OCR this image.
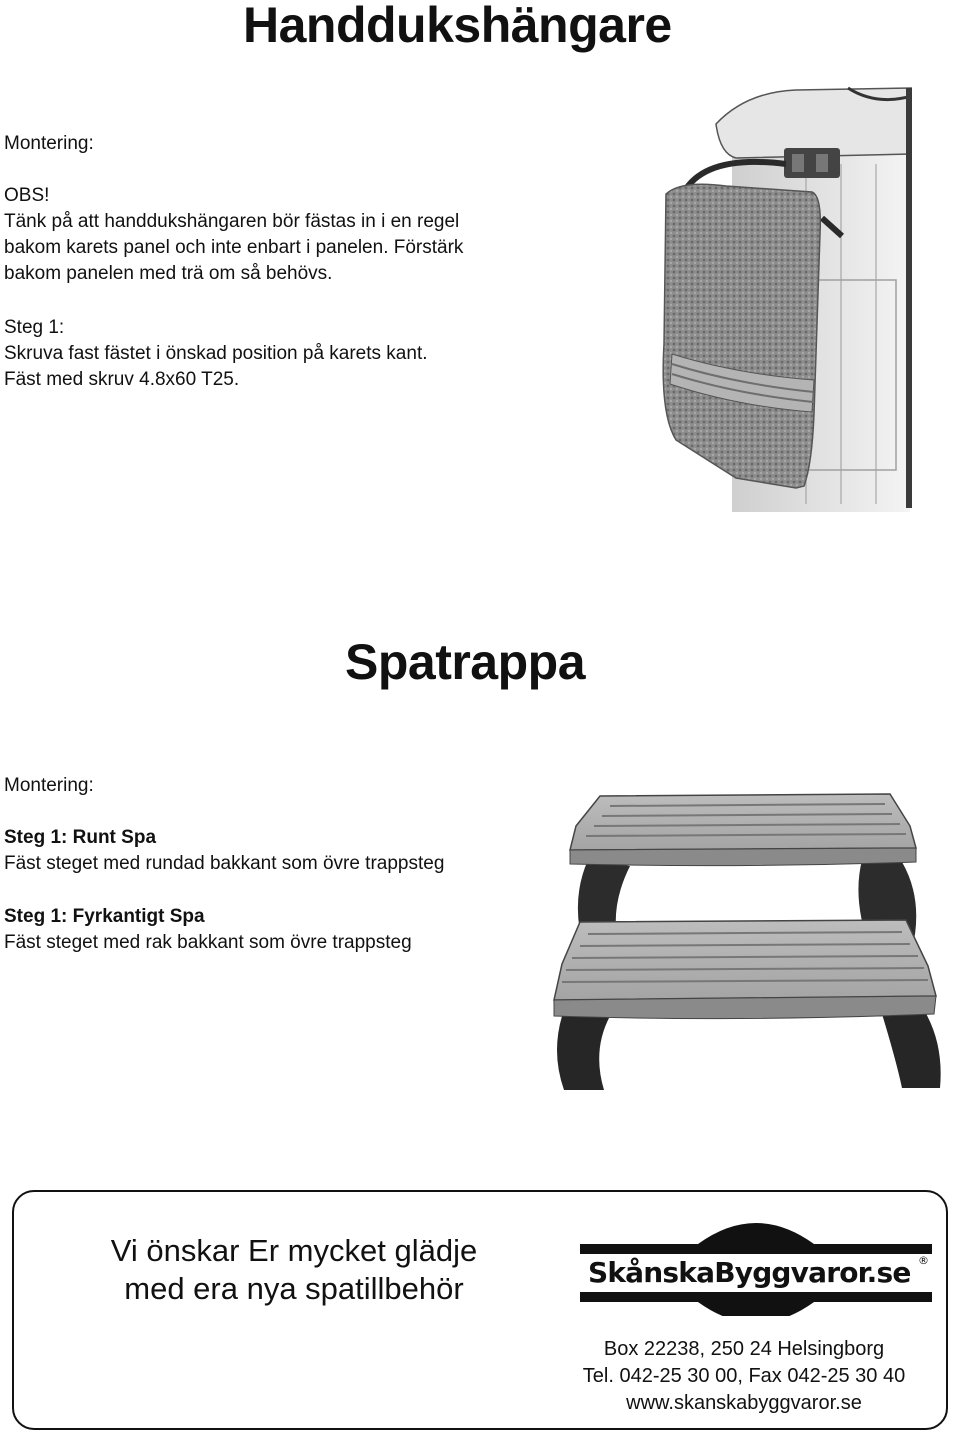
Handdukshängare
Montering:
OBS!
Tänk på att handdukshängaren bör fästas in i en regel
bakom karets panel och inte enbart i panelen. Förstärk
bakom panelen med trä om så behövs.
Steg 1:
Skruva fast fästet i önskad position på karets kant.
Fäst med skruv 4.8x60 T25.
Spatrappa
Montering:
Steg 1: Runt Spa
Fäst steget med rundad bakkant som övre trappsteg
Steg 1: Fyrkantigt Spa
Fäst steget med rak bakkant som övre trappsteg
Vi önskar Er mycket glädje
med era nya spatillbehör	SkånskaByggvaror.se ®
Box 22238, 250 24 Helsingborg
Tel. 042-25 30 00, Fax 042-25 30 40
www.skanskabyggvaror.se
